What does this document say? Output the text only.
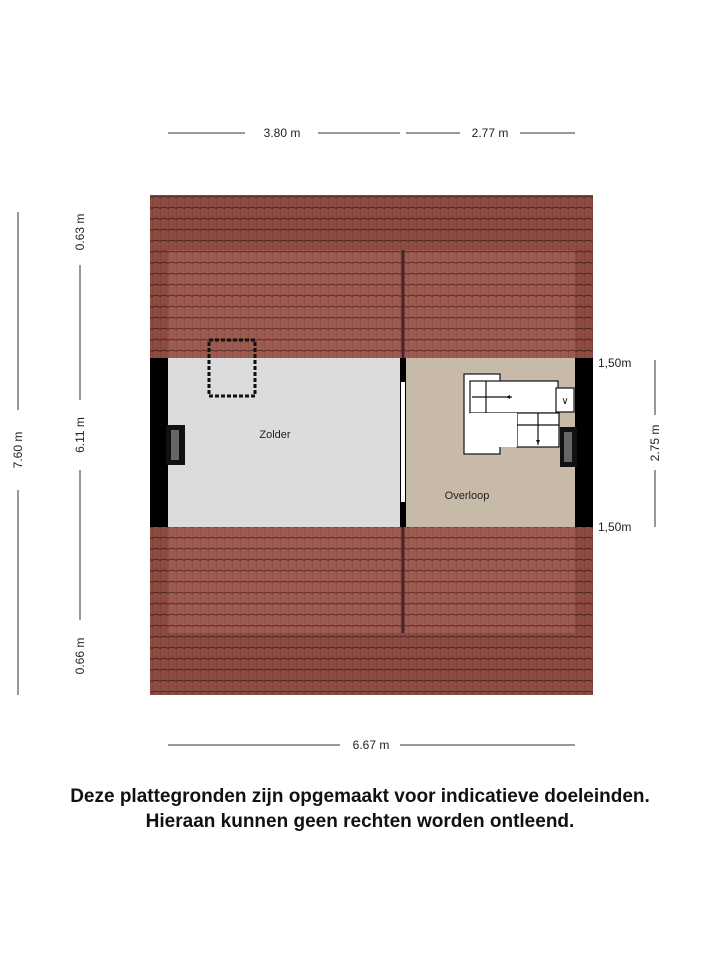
∨
Zolder
Overloop
3.80 m	2.77 m
6.67 m
7.60 m
0.63 m
6.11 m
0.66 m
2.75 m
1,50m
1,50m
Deze plattegronden zijn opgemaakt voor indicatieve doeleinden.
Hieraan kunnen geen rechten worden ontleend.
